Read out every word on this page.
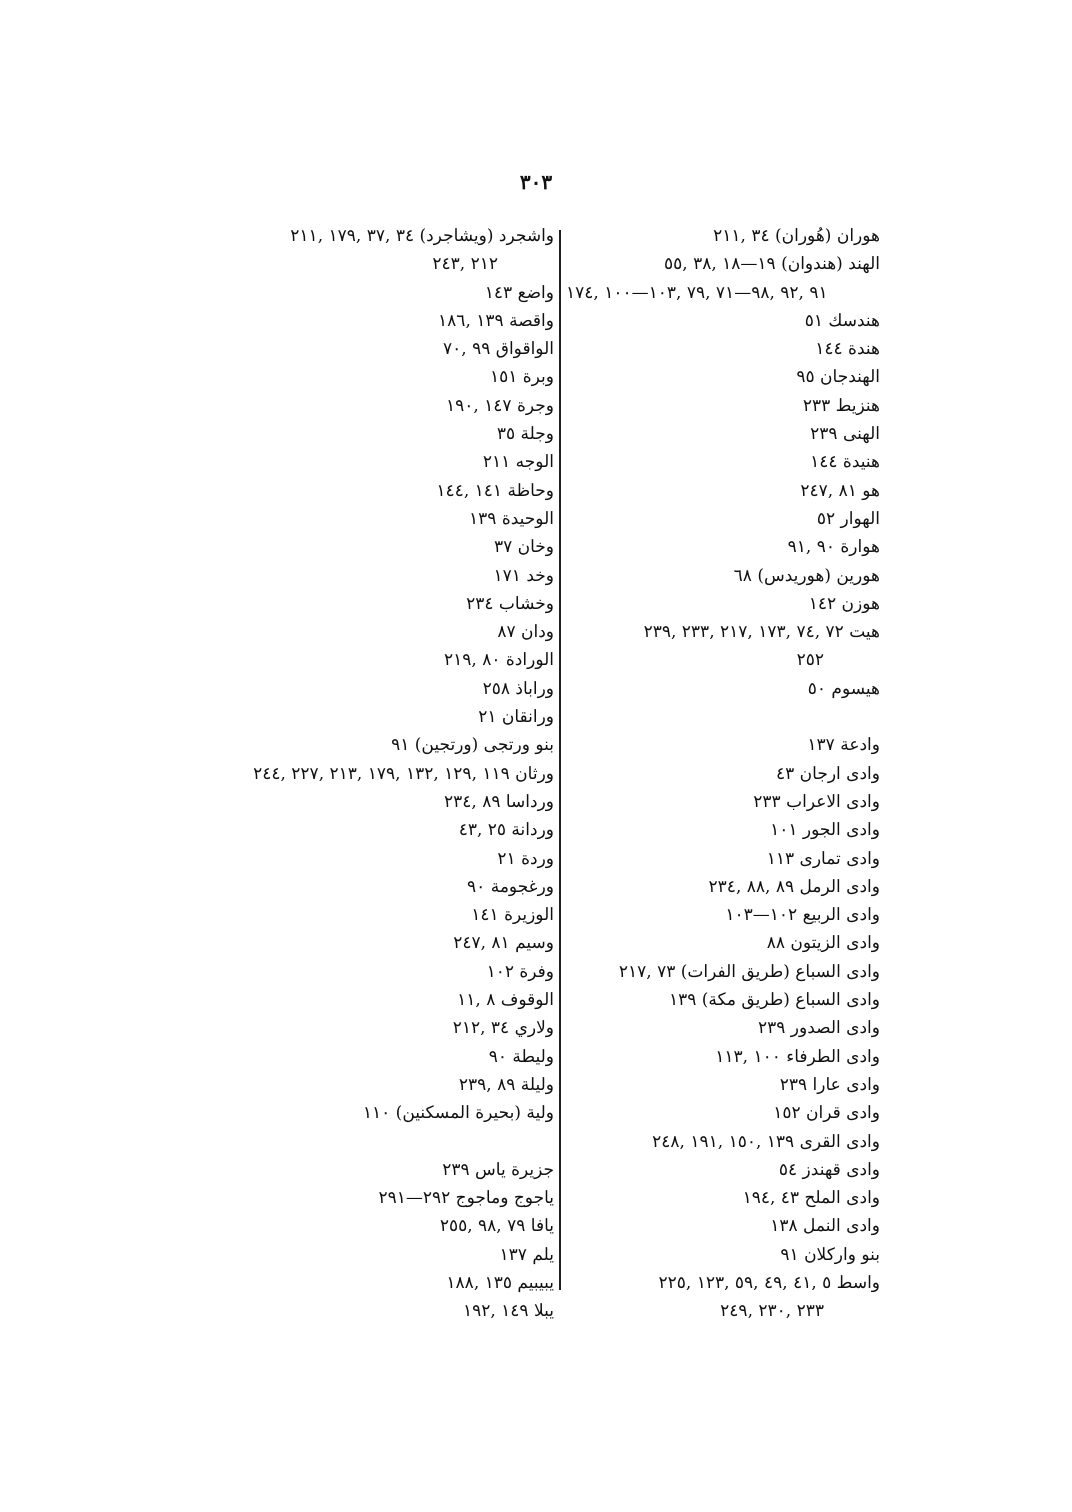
٣٠٣
هوران (هُوران) ٣٤ ,٢١١
الهند (هندوان) ١٩—١٨ ,٣٨ ,٥٥
٩١ ,٩٢ ,٩٨—٧١ ,٧٩ ,١٠٣—١٠٠ ,١٧٤
هندسك ٥١
هندة ١٤٤
الهندجان ٩٥
هنزيط ٢٣٣
الهنى ٢٣٩
هنيدة ١٤٤
هو ٨١ ,٢٤٧
الهوار ٥٢
هوارة ٩٠ ,٩١
هورين (هوريدس) ٦٨
هوزن ١٤٢
هيت ٧٢ ,٧٤ ,١٧٣ ,٢١٧ ,٢٣٣ ,٢٣٩
٢٥٢
هيسوم ٥٠
وادعة ١٣٧
وادى ارجان ٤٣
وادى الاعراب ٢٣٣
وادى الجور ١٠١
وادى تمارى ١١٣
وادى الرمل ٨٩ ,٨٨ ,٢٣٤
وادى الربيع ١٠٢—١٠٣
وادى الزيتون ٨٨
وادى السباع (طريق الفرات) ٧٣ ,٢١٧
وادى السباع (طريق مكة) ١٣٩
وادى الصدور ٢٣٩
وادى الطرفاء ١٠٠ ,١١٣
وادى عارا ٢٣٩
وادى قران ١٥٢
وادى القرى ١٣٩ ,١٥٠ ,١٩١ ,٢٤٨
وادى قهندز ٥٤
وادى الملح ٤٣ ,١٩٤
وادى النمل ١٣٨
بنو واركلان ٩١
واسط ٥ ,٤١ ,٤٩ ,٥٩ ,١٢٣ ,٢٢٥
٢٣٣ ,٢٣٠ ,٢٤٩
واشجرد (ويشاجرد) ٣٤ ,٣٧ ,١٧٩ ,٢١١
٢١٢ ,٢٤٣
واضع ١٤٣
واقصة ١٣٩ ,١٨٦
الواقواق ٩٩ ,٧٠
وبرة ١٥١
وجرة ١٤٧ ,١٩٠
وجلة ٣٥
الوجه ٢١١
وحاظة ١٤١ ,١٤٤
الوحيدة ١٣٩
وخان ٣٧
وخد ١٧١
وخشاب ٢٣٤
ودان ٨٧
الورادة ٨٠ ,٢١٩
وراباذ ٢٥٨
ورانقان ٢١
بنو ورتجى (ورتجين) ٩١
ورثان ١١٩ ,١٢٩ ,١٣٢ ,١٧٩ ,٢١٣ ,٢٢٧ ,٢٤٤
ورداسا ٨٩ ,٢٣٤
وردانة ٢٥ ,٤٣
وردة ٢١
ورغجومة ٩٠
الوزيرة ١٤١
وسيم ٨١ ,٢٤٧
وفرة ١٠٢
الوقوف ٨ ,١١
ولاري ٣٤ ,٢١٢
وليطة ٩٠
وليلة ٨٩ ,٢٣٩
ولية (بحيرة المسكنين) ١١٠
جزيرة ياس ٢٣٩
ياجوج وماجوج ٢٩٢—٢٩١
يافا ٧٩ ,٩٨ ,٢٥٥
يلم ١٣٧
يبيبيم ١٣٥ ,١٨٨
يبلا ١٤٩ ,١٩٢
